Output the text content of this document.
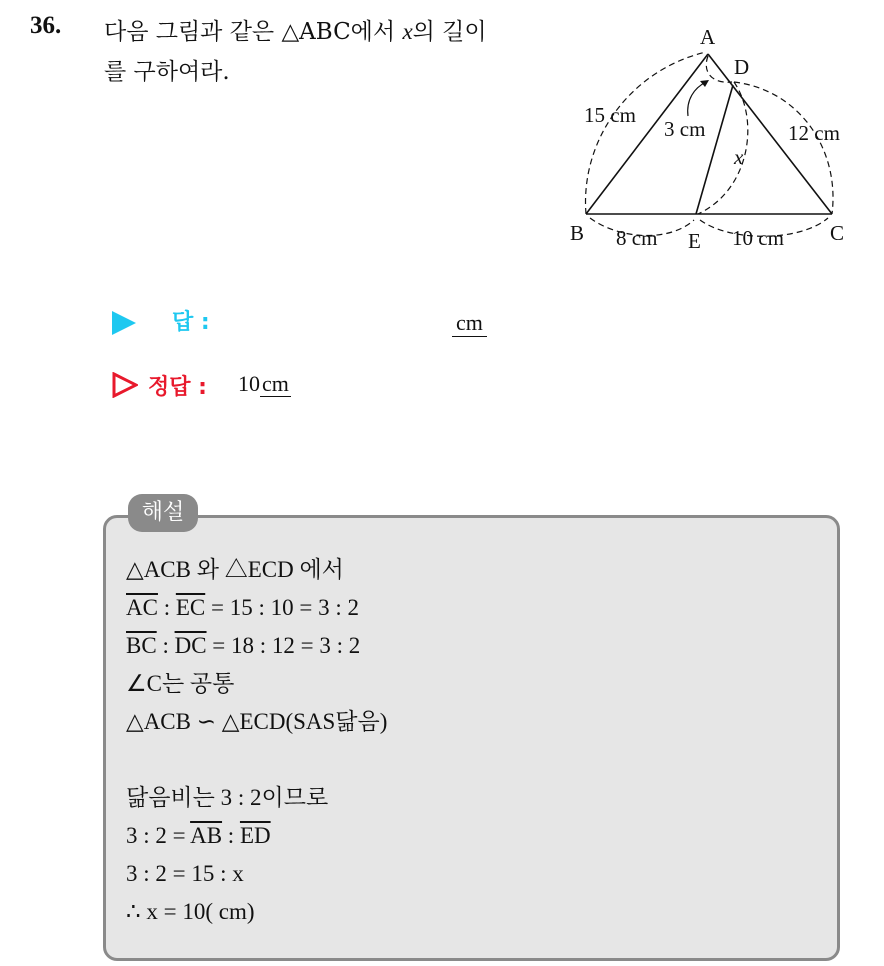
36. 다음 그림과 같은 △ABC에서 x의 길이
를 구하여라.
A
D
B	C
E
15 cm
3 cm	12 cm
x
8 cm	10 cm
답 :	cm
정답 : 10cm
해설
△ACB 와 △ECD 에서
$\overline{AC}$ : $\overline{EC} = 15$ : 10 = 3 : 2
$\overline{BC}$ : $\overline{DC} = 18$ : 12 = 3 : 2
∠C는 공통
△ACB ∽ △ECD(SAS닮음)
닮음비는 3 : 2이므로
3 : $2 = \overline{AB}$ : $\overline{ED}$
3 : 2 = 15 : x
∴ x = 10( cm)
